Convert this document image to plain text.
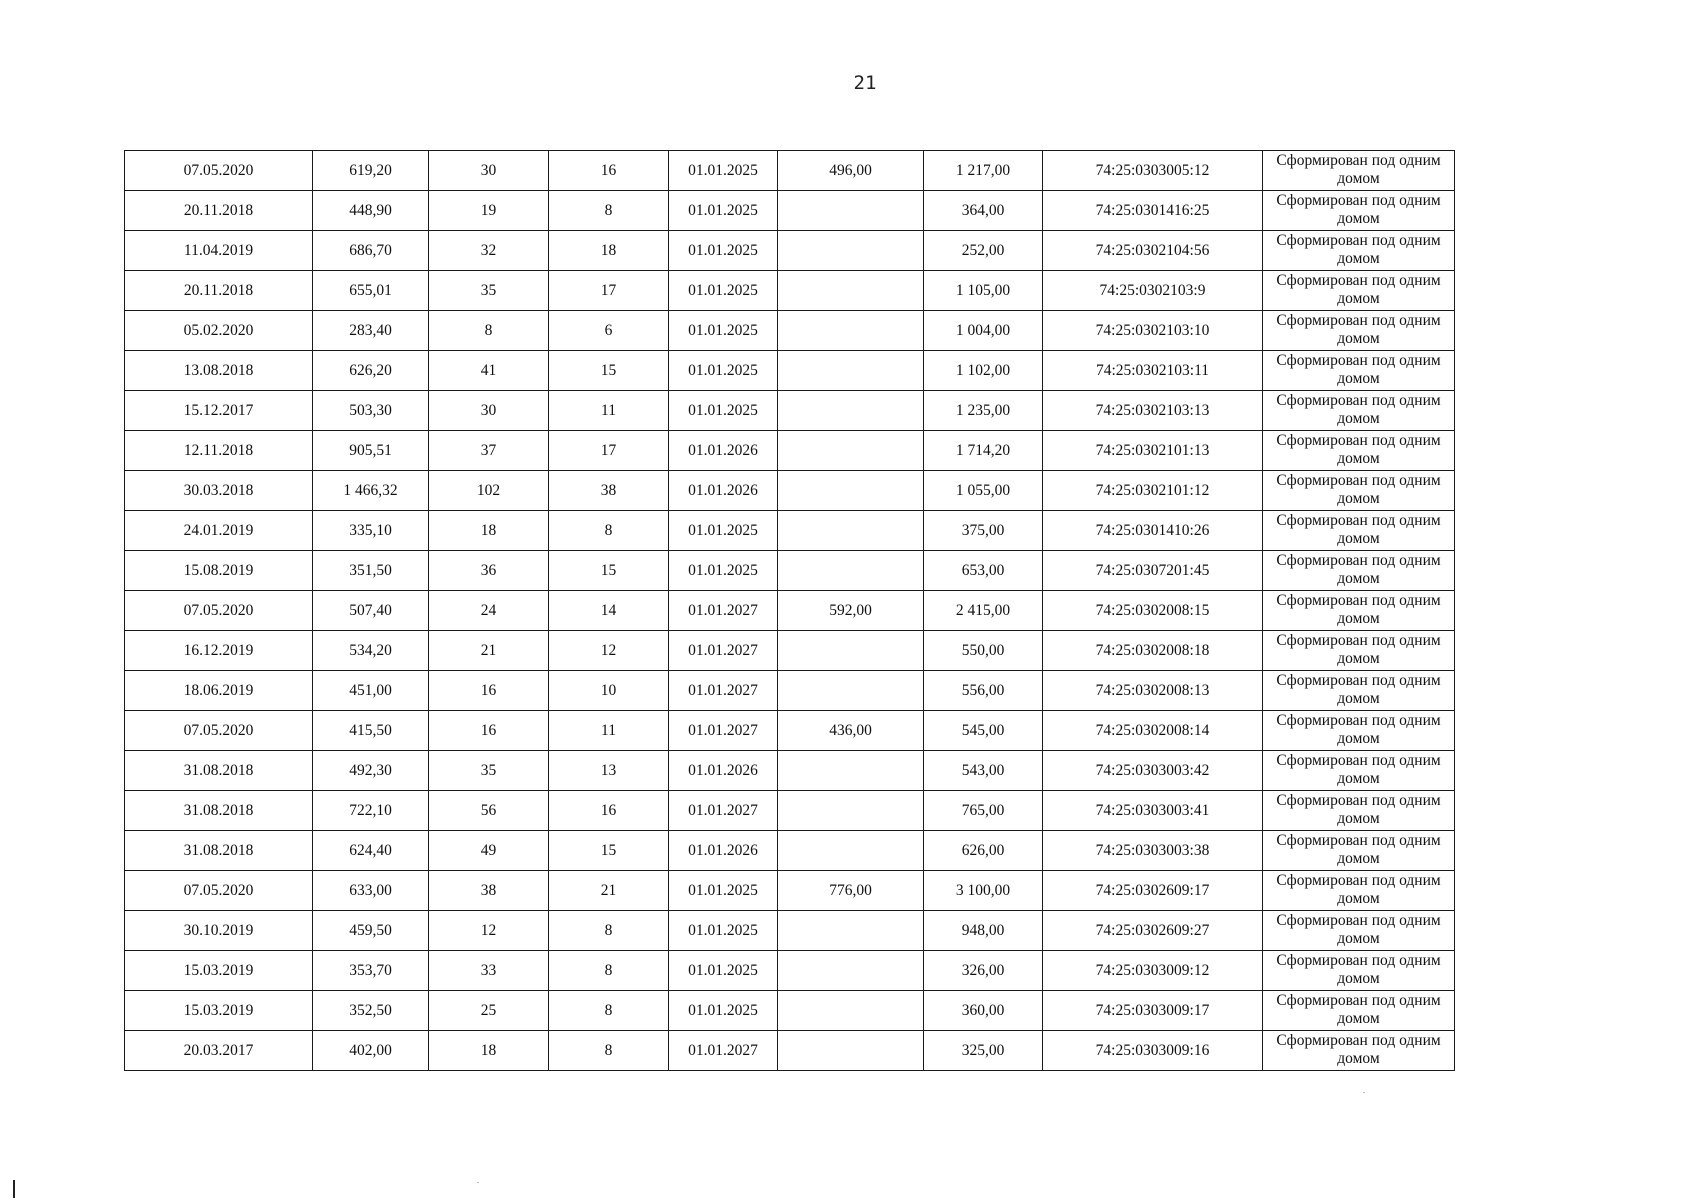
21
07.05.2020	619,20	30	16	01.01.2025	496,00	1 217,00	74:25:0303005:12	Сформирован под одним домом
20.11.2018	448,90	19	8	01.01.2025		364,00	74:25:0301416:25	Сформирован под одним домом
11.04.2019	686,70	32	18	01.01.2025		252,00	74:25:0302104:56	Сформирован под одним домом
20.11.2018	655,01	35	17	01.01.2025		1 105,00	74:25:0302103:9	Сформирован под одним домом
05.02.2020	283,40	8	6	01.01.2025		1 004,00	74:25:0302103:10	Сформирован под одним домом
13.08.2018	626,20	41	15	01.01.2025		1 102,00	74:25:0302103:11	Сформирован под одним домом
15.12.2017	503,30	30	11	01.01.2025		1 235,00	74:25:0302103:13	Сформирован под одним домом
12.11.2018	905,51	37	17	01.01.2026		1 714,20	74:25:0302101:13	Сформирован под одним домом
30.03.2018	1 466,32	102	38	01.01.2026		1 055,00	74:25:0302101:12	Сформирован под одним домом
24.01.2019	335,10	18	8	01.01.2025		375,00	74:25:0301410:26	Сформирован под одним домом
15.08.2019	351,50	36	15	01.01.2025		653,00	74:25:0307201:45	Сформирован под одним домом
07.05.2020	507,40	24	14	01.01.2027	592,00	2 415,00	74:25:0302008:15	Сформирован под одним домом
16.12.2019	534,20	21	12	01.01.2027		550,00	74:25:0302008:18	Сформирован под одним домом
18.06.2019	451,00	16	10	01.01.2027		556,00	74:25:0302008:13	Сформирован под одним домом
07.05.2020	415,50	16	11	01.01.2027	436,00	545,00	74:25:0302008:14	Сформирован под одним домом
31.08.2018	492,30	35	13	01.01.2026		543,00	74:25:0303003:42	Сформирован под одним домом
31.08.2018	722,10	56	16	01.01.2027		765,00	74:25:0303003:41	Сформирован под одним домом
31.08.2018	624,40	49	15	01.01.2026		626,00	74:25:0303003:38	Сформирован под одним домом
07.05.2020	633,00	38	21	01.01.2025	776,00	3 100,00	74:25:0302609:17	Сформирован под одним домом
30.10.2019	459,50	12	8	01.01.2025		948,00	74:25:0302609:27	Сформирован под одним домом
15.03.2019	353,70	33	8	01.01.2025		326,00	74:25:0303009:12	Сформирован под одним домом
15.03.2019	352,50	25	8	01.01.2025		360,00	74:25:0303009:17	Сформирован под одним домом
20.03.2017	402,00	18	8	01.01.2027		325,00	74:25:0303009:16	Сформирован под одним домом
